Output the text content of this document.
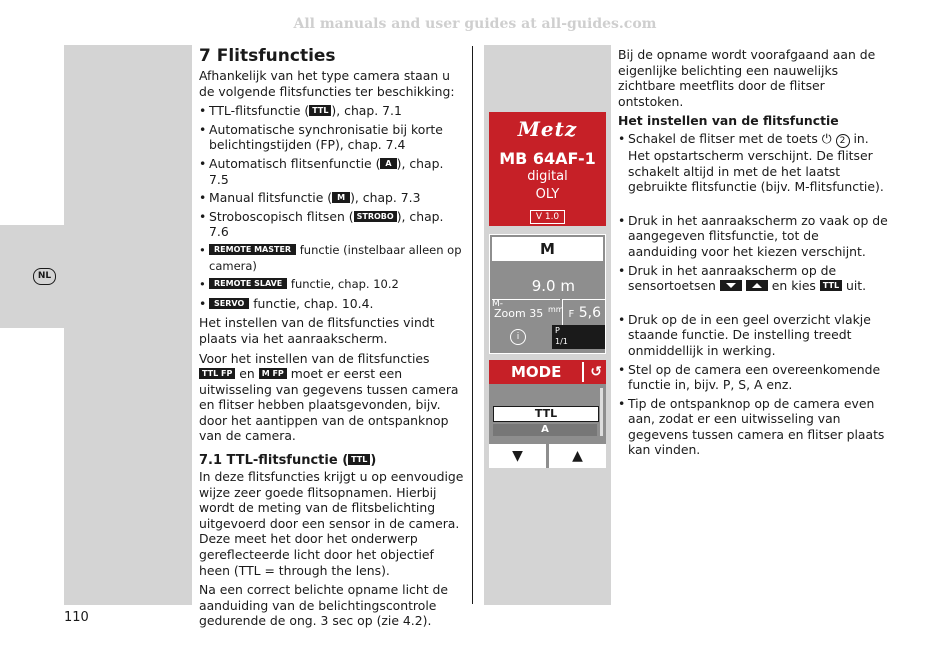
All manuals and user guides at all-guides.com
NL
7 Flitsfuncties

Afhankelijk van het type camera staan u de volgende flitsfuncties ter beschikking:

• TTL-flitsfunctie ( TTL ), chap. 7.1
• Automatische synchronisatie bij korte belichtingstijden (FP), chap. 7.4
• Automatisch flitsenfunctie ( A ), chap. 7.5
• Manual flitsfunctie ( M ), chap. 7.3
• Stroboscopisch flitsen ( STROBO ), chap. 7.6
• REMOTE MASTER functie (instelbaar alleen op camera)
• REMOTE SLAVE functie, chap. 10.2
• SERVO functie, chap. 10.4.

Het instellen van de flitsfuncties vindt plaats via het aanraakscherm.

Voor het instellen van de flitsfuncties TTL FP en M FP moet er eerst een uitwisseling van gegevens tussen camera en flitser hebben plaatsgevonden, bijv. door het aantippen van de ontspanknop van de camera.

7.1 TTL-flitsfunctie ( TTL )

In deze flitsfuncties krijgt u op eenvoudige wijze zeer goede flitsopnamen. Hierbij wordt de meting van de flitsbelichting uitgevoerd door een sensor in de camera. Deze meet het door het onderwerp gereflecteerde licht door het objectief heen (TTL = through the lens).

Na een correct belichte opname licht de aanduiding van de belichtingscontrole gedurende de ong. 3 sec op (zie 4.2).

Metz
MB 64AF-1
digital
OLY
V 1.0
M
9.0 m
M-

Zoom 35 mm F 5,6
i
P
1/1
MODE	↺
TTL
A
▼	▲

Bij de opname wordt voorafgaand aan de eigenlijke belichting een nauwelijks zichtbare meetflits door de flitser ontstoken.

Het instellen van de flitsfunctie
• Schakel de flitser met de toets ⏻ 2 in. Het opstartscherm verschijnt. De flitser schakelt altijd in met de het laatst gebruikte flitsfunctie (bijv. M-flitsfunctie).
• Druk in het aanraakscherm zo vaak op de aangegeven flitsfunctie, tot de aanduiding voor het kiezen verschijnt.
• Druk in het aanraakscherm op de sensortoetsen	en kies TTL uit.
• Druk op de in een geel overzicht vlakje staande functie. De instelling treedt onmiddellijk in werking.
• Stel op de camera een overeenkomende functie in, bijv. P, S, A enz.
• Tip de ontspanknop op de camera even aan, zodat er een uitwisseling van gegevens tussen camera en flitser plaats kan vinden.
110
